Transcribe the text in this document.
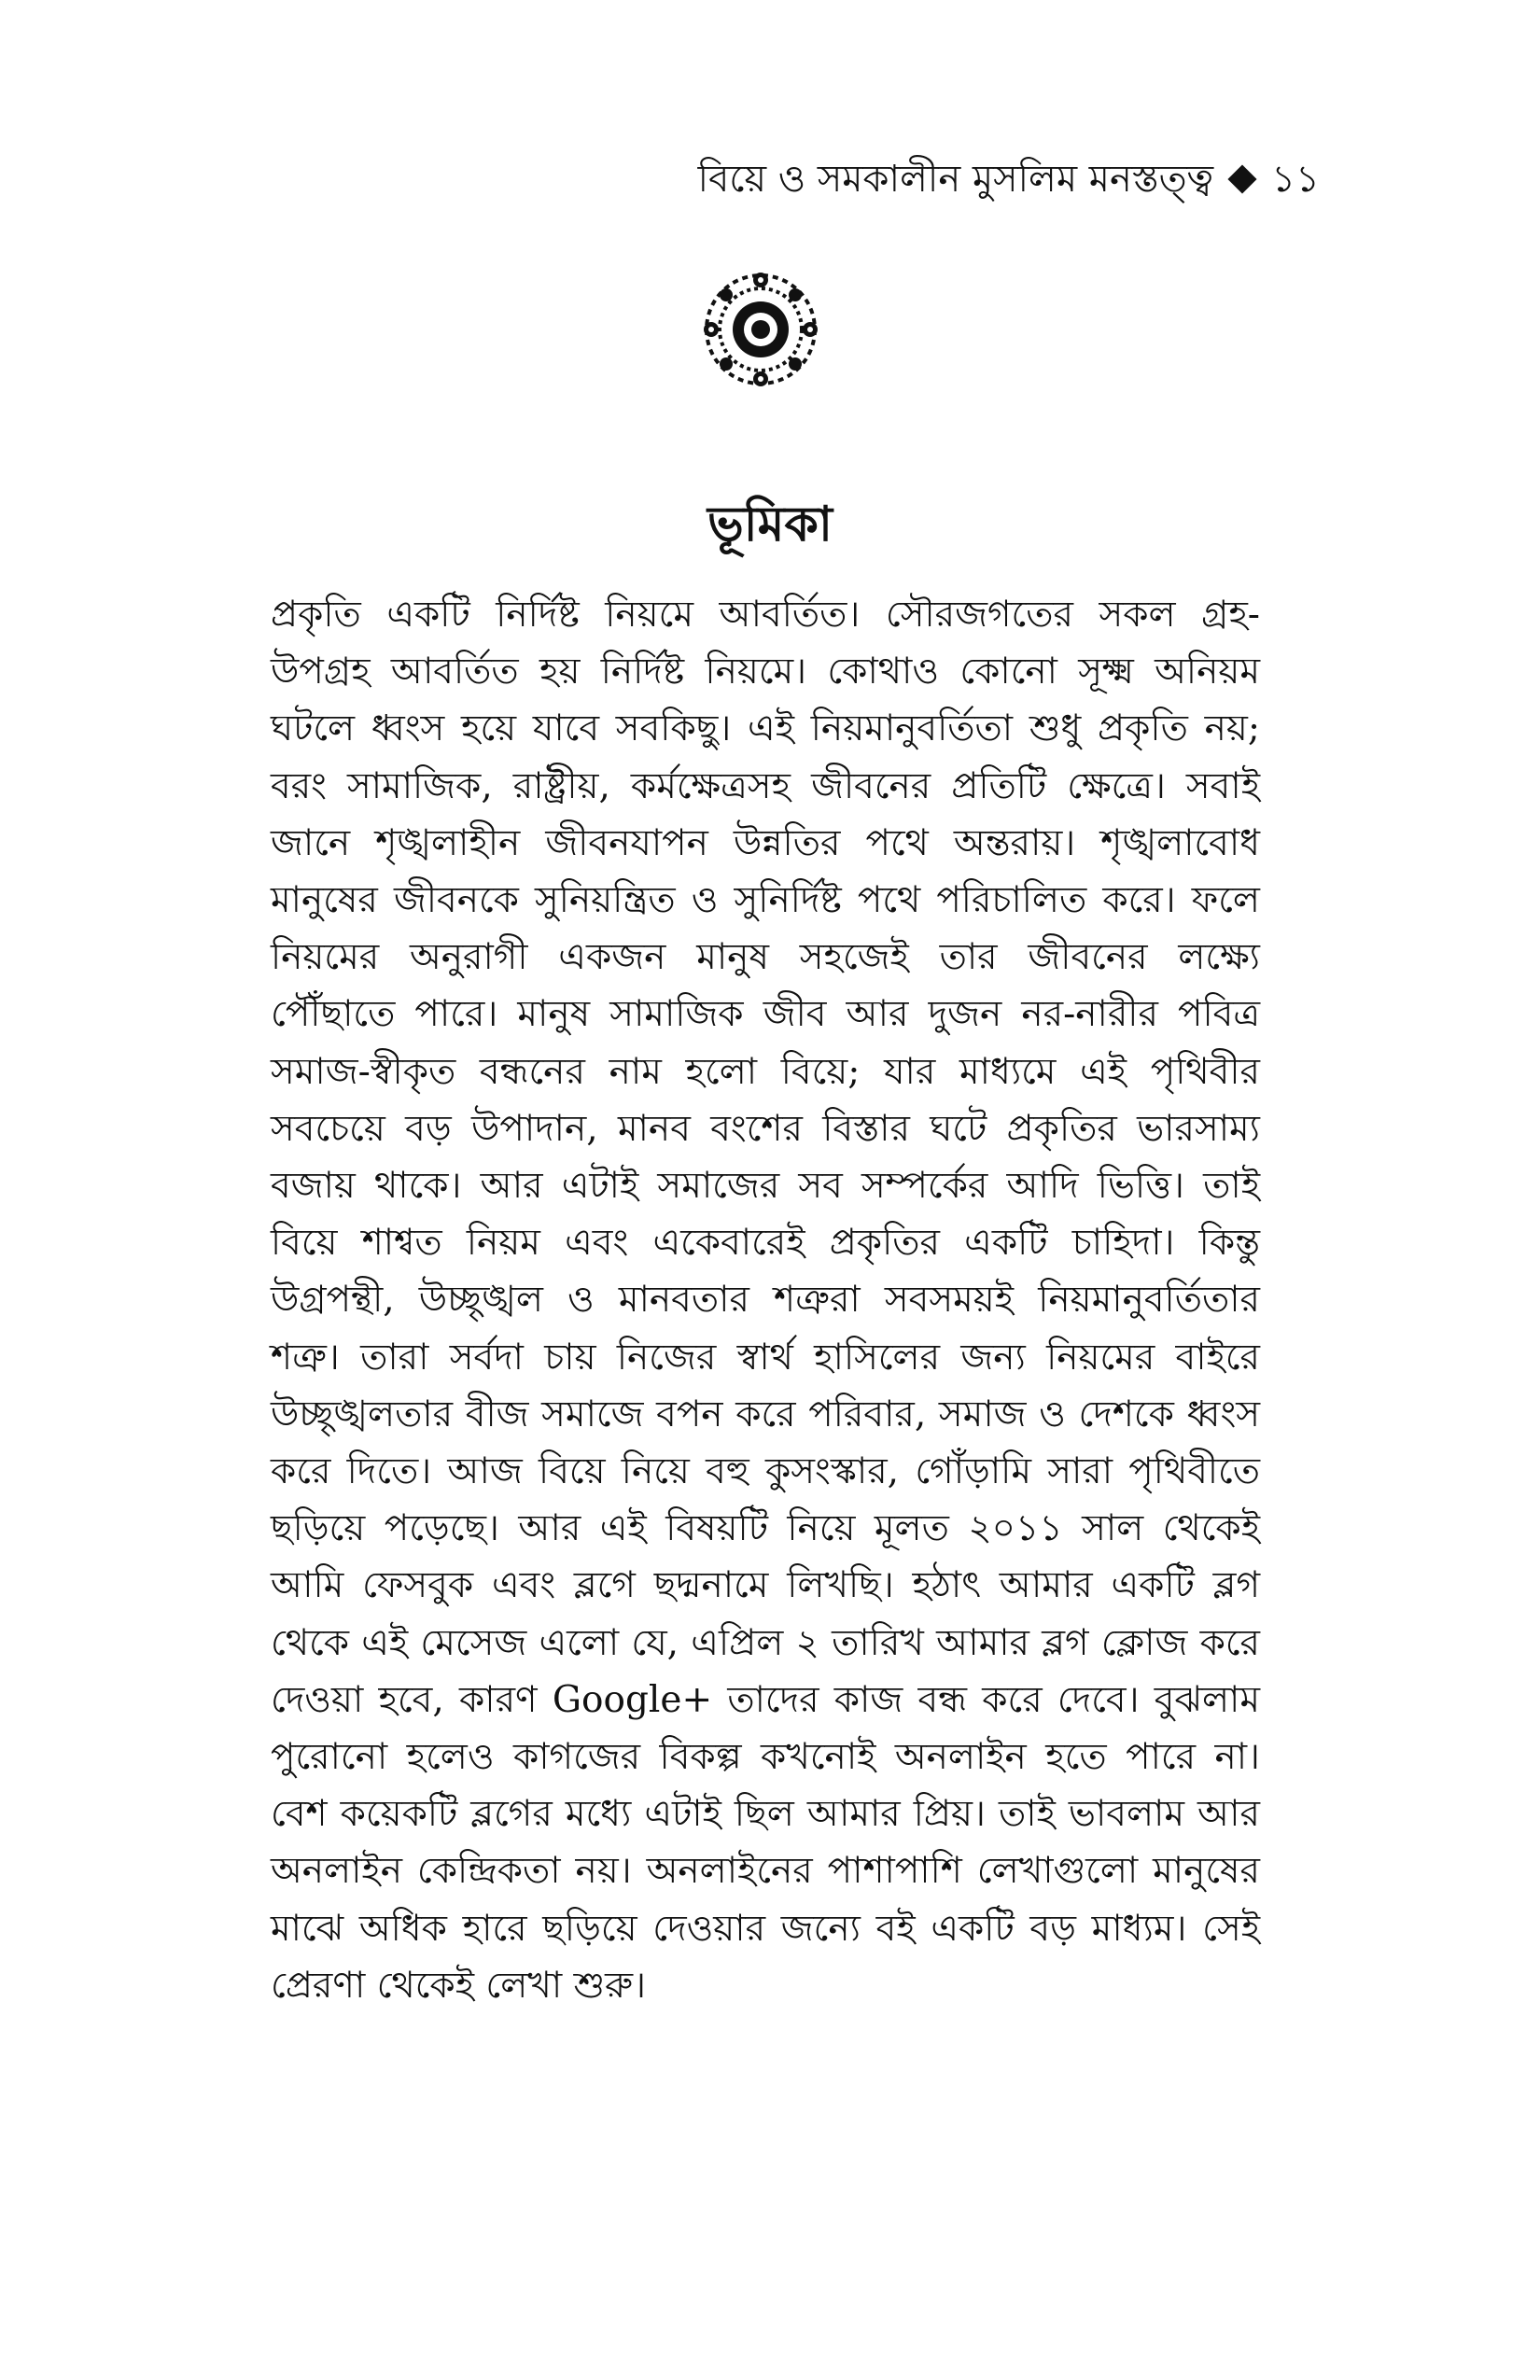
বিয়ে ও সমকালীন মুসলিম মনস্তত্ত্ব ১১
ভূমিকা

প্রকৃতি একটি নির্দিষ্ট নিয়মে আবর্তিত। সৌরজগতের সকল গ্রহ-উপগ্রহ আবর্তিত হয় নির্দিষ্ট নিয়মে। কোথাও কোনো সূক্ষ্ম অনিয়ম ঘটলে ধ্বংস হয়ে যাবে সবকিছু। এই নিয়মানুবর্তিতা শুধু প্রকৃতি নয়; বরং সামাজিক, রাষ্ট্রীয়, কর্মক্ষেত্রসহ জীবনের প্রতিটি ক্ষেত্রে। সবাই জানে শৃঙ্খলাহীন জীবনযাপন উন্নতির পথে অন্তরায়। শৃঙ্খলাবোধ মানুষের জীবনকে সুনিয়ন্ত্রিত ও সুনির্দিষ্ট পথে পরিচালিত করে। ফলে নিয়মের অনুরাগী একজন মানুষ সহজেই তার জীবনের লক্ষ্যে পৌঁছাতে পারে। মানুষ সামাজিক জীব আর দুজন নর-নারীর পবিত্র সমাজ-স্বীকৃত বন্ধনের নাম হলো বিয়ে; যার মাধ্যমে এই পৃথিবীর সবচেয়ে বড় উপাদান, মানব বংশের বিস্তার ঘটে প্রকৃতির ভারসাম্য বজায় থাকে। আর এটাই সমাজের সব সম্পর্কের আদি ভিত্তি। তাই বিয়ে শাশ্বত নিয়ম এবং একেবারেই প্রকৃতির একটি চাহিদা। কিন্তু উগ্রপন্থী, উচ্ছৃঙ্খল ও মানবতার শত্রুরা সবসময়ই নিয়মানুবর্তিতার শত্রু। তারা সর্বদা চায় নিজের স্বার্থ হাসিলের জন্য নিয়মের বাইরে উচ্ছৃঙ্খলতার বীজ সমাজে বপন করে পরিবার, সমাজ ও দেশকে ধ্বংস করে দিতে। আজ বিয়ে নিয়ে বহু কুসংস্কার, গোঁড়ামি সারা পৃথিবীতে ছড়িয়ে পড়েছে। আর এই বিষয়টি নিয়ে মূলত ২০১১ সাল থেকেই আমি ফেসবুক এবং ব্লগে ছদ্মনামে লিখছি। হঠাৎ আমার একটি ব্লগ থেকে এই মেসেজ এলো যে, এপ্রিল ২ তারিখ আমার ব্লগ ক্লোজ করে দেওয়া হবে, কারণ Google+ তাদের কাজ বন্ধ করে দেবে। বুঝলাম পুরোনো হলেও কাগজের বিকল্প কখনোই অনলাইন হতে পারে না। বেশ কয়েকটি ব্লগের মধ্যে এটাই ছিল আমার প্রিয়। তাই ভাবলাম আর অনলাইন কেন্দ্রিকতা নয়। অনলাইনের পাশাপাশি লেখাগুলো মানুষের মাঝে অধিক হারে ছড়িয়ে দেওয়ার জন্যে বই একটি বড় মাধ্যম। সেই প্রেরণা থেকেই লেখা শুরু।
